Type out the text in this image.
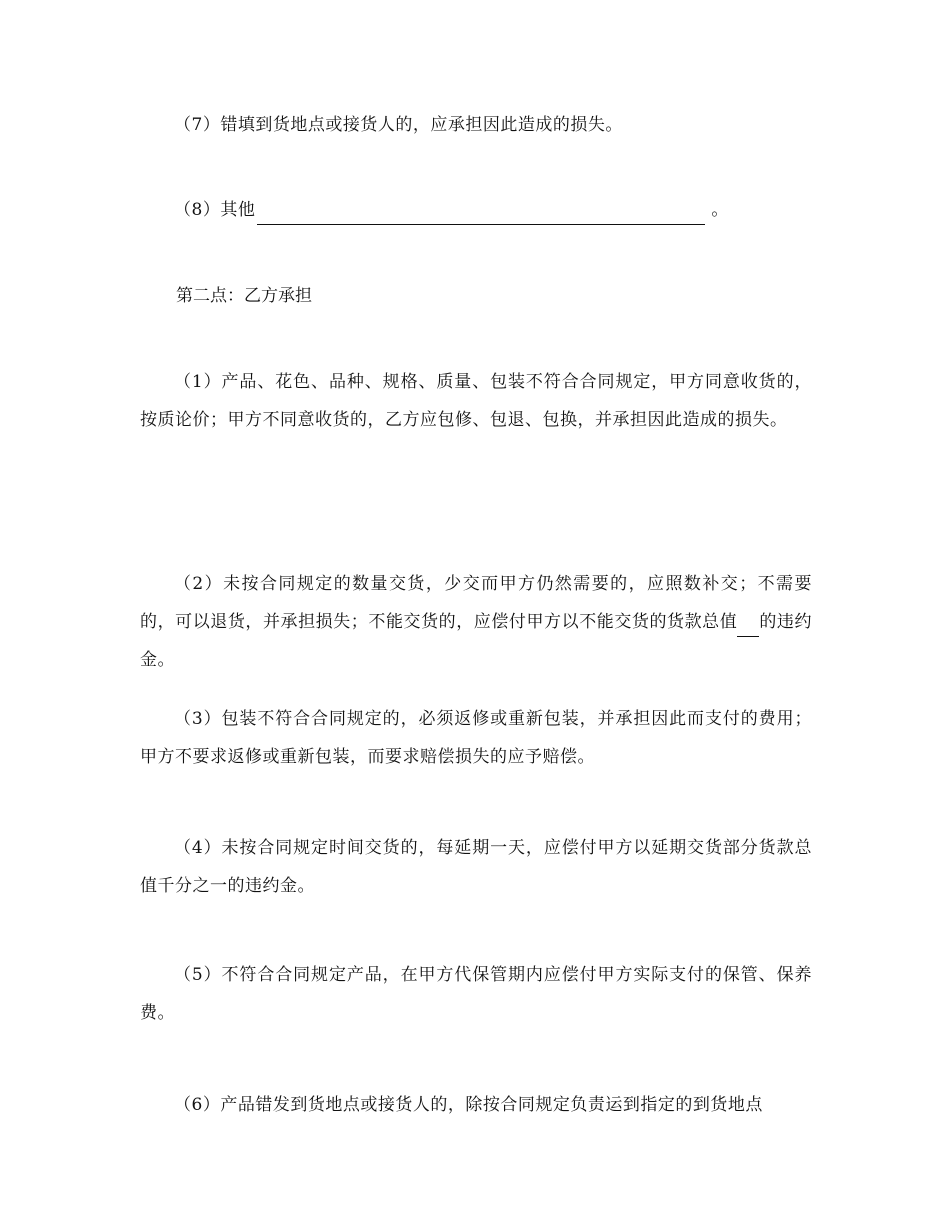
（7）错填到货地点或接货人的，应承担因此造成的损失。

（8）其他	。

第二点：乙方承担

（1）产品、花色、品种、规格、质量、包装不符合合同规定，甲方同意收货的，按质论价；甲方不同意收货的，乙方应包修、包退、包换，并承担因此造成的损失。

（2）未按合同规定的数量交货，少交而甲方仍然需要的，应照数补交；不需要的，可以退货，并承担损失；不能交货的，应偿付甲方以不能交货的货款总值 的违约金。

（3）包装不符合合同规定的，必须返修或重新包装，并承担因此而支付的费用；甲方不要求返修或重新包装，而要求赔偿损失的应予赔偿。

（4）未按合同规定时间交货的，每延期一天，应偿付甲方以延期交货部分货款总值千分之一的违约金。

（5）不符合合同规定产品，在甲方代保管期内应偿付甲方实际支付的保管、保养费。

（6）产品错发到货地点或接货人的，除按合同规定负责运到指定的到货地点
